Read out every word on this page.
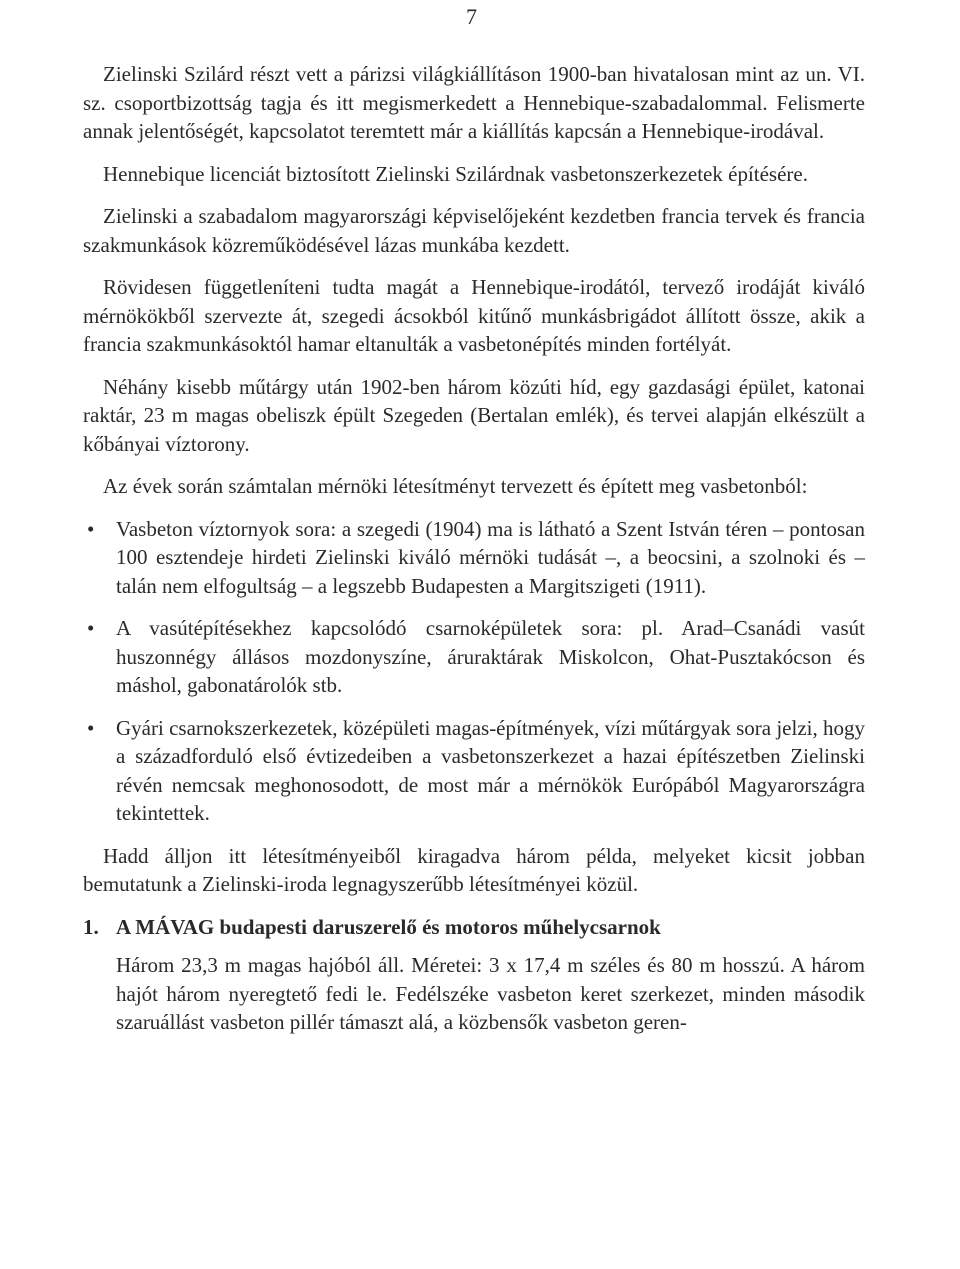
7

Zielinski Szilárd részt vett a párizsi világkiállításon 1900-ban hivatalosan mint az un. VI. sz. csoportbizottság tagja és itt megismerkedett a Hennebique-szabadalommal. Felismerte annak jelentőségét, kapcsolatot teremtett már a kiállítás kapcsán a Hennebique-irodával.

Hennebique licenciát biztosított Zielinski Szilárdnak vasbetonszerkezetek építésére.

Zielinski a szabadalom magyarországi képviselőjeként kezdetben francia tervek és francia szakmunkások közreműködésével lázas munkába kezdett.

Rövidesen függetleníteni tudta magát a Hennebique-irodától, tervező irodáját kiváló mérnökökből szervezte át, szegedi ácsokból kitűnő munkásbrigádot állított össze, akik a francia szakmunkásoktól hamar eltanulták a vasbetonépítés minden fortélyát.

Néhány kisebb műtárgy után 1902-ben három közúti híd, egy gazdasági épület, katonai raktár, 23 m magas obeliszk épült Szegeden (Bertalan emlék), és tervei alapján elkészült a kőbányai víztorony.

Az évek során számtalan mérnöki létesítményt tervezett és épített meg vasbetonból:

• Vasbeton víztornyok sora: a szegedi (1904) ma is látható a Szent István téren – pontosan 100 esztendeje hirdeti Zielinski kiváló mérnöki tudását –, a beocsini, a szolnoki és – talán nem elfogultság – a legszebb Budapesten a Margitszigeti (1911).
• A vasútépítésekhez kapcsolódó csarnoképületek sora: pl. Arad–Csanádi vasút huszonnégy állásos mozdonyszíne, áruraktárak Miskolcon, Ohat-Pusztakócson és máshol, gabonatárolók stb.
• Gyári csarnokszerkezetek, középületi magas-építmények, vízi műtárgyak sora jelzi, hogy a századforduló első évtizedeiben a vasbetonszerkezet a hazai építészetben Zielinski révén nemcsak meghonosodott, de most már a mérnökök Európából Magyarországra tekintettek.

Hadd álljon itt létesítményeiből kiragadva három példa, melyeket kicsit jobban bemutatunk a Zielinski-iroda legnagyszerűbb létesítményei közül.

1. A MÁVAG budapesti daruszerelő és motoros műhelycsarnok

Három 23,3 m magas hajóból áll. Méretei: 3 x 17,4 m széles és 80 m hosszú. A három hajót három nyeregtető fedi le. Fedélszéke vasbeton keret szerkezet, minden második szaruállást vasbeton pillér támaszt alá, a közbensők vasbeton geren-
